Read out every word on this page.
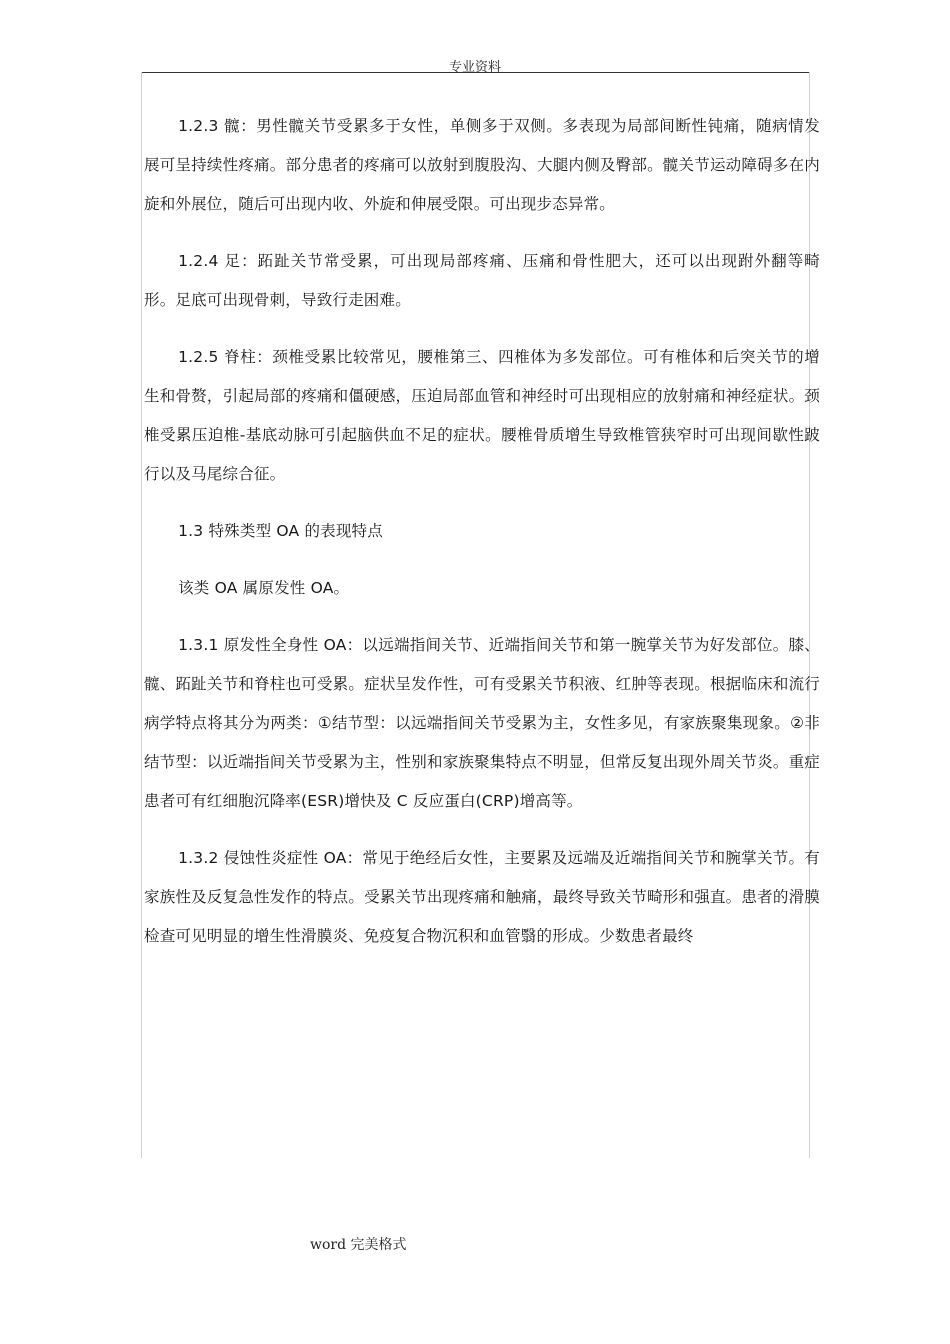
专业资料

1.2.3 髋：男性髋关节受累多于女性，单侧多于双侧。多表现为局部间断性钝痛，随病情发展可呈持续性疼痛。部分患者的疼痛可以放射到腹股沟、大腿内侧及臀部。髋关节运动障碍多在内旋和外展位，随后可出现内收、外旋和伸展受限。可出现步态异常。

1.2.4 足：跖趾关节常受累，可出现局部疼痛、压痛和骨性肥大，还可以出现跗外翻等畸形。足底可出现骨刺，导致行走困难。

1.2.5 脊柱：颈椎受累比较常见，腰椎第三、四椎体为多发部位。可有椎体和后突关节的增生和骨赘，引起局部的疼痛和僵硬感，压迫局部血管和神经时可出现相应的放射痛和神经症状。颈椎受累压迫椎-基底动脉可引起脑供血不足的症状。腰椎骨质增生导致椎管狭窄时可出现间歇性跛行以及马尾综合征。

1.3 特殊类型 OA 的表现特点

该类 OA 属原发性 OA。

1.3.1 原发性全身性 OA：以远端指间关节、近端指间关节和第一腕掌关节为好发部位。膝、髋、跖趾关节和脊柱也可受累。症状呈发作性，可有受累关节积液、红肿等表现。根据临床和流行病学特点将其分为两类：①结节型：以远端指间关节受累为主，女性多见，有家族聚集现象。②非结节型：以近端指间关节受累为主，性别和家族聚集特点不明显，但常反复出现外周关节炎。重症患者可有红细胞沉降率(ESR)增快及 C 反应蛋白(CRP)增高等。

1.3.2 侵蚀性炎症性 OA：常见于绝经后女性，主要累及远端及近端指间关节和腕掌关节。有家族性及反复急性发作的特点。受累关节出现疼痛和触痛，最终导致关节畸形和强直。患者的滑膜检查可见明显的增生性滑膜炎、免疫复合物沉积和血管翳的形成。少数患者最终

word 完美格式
